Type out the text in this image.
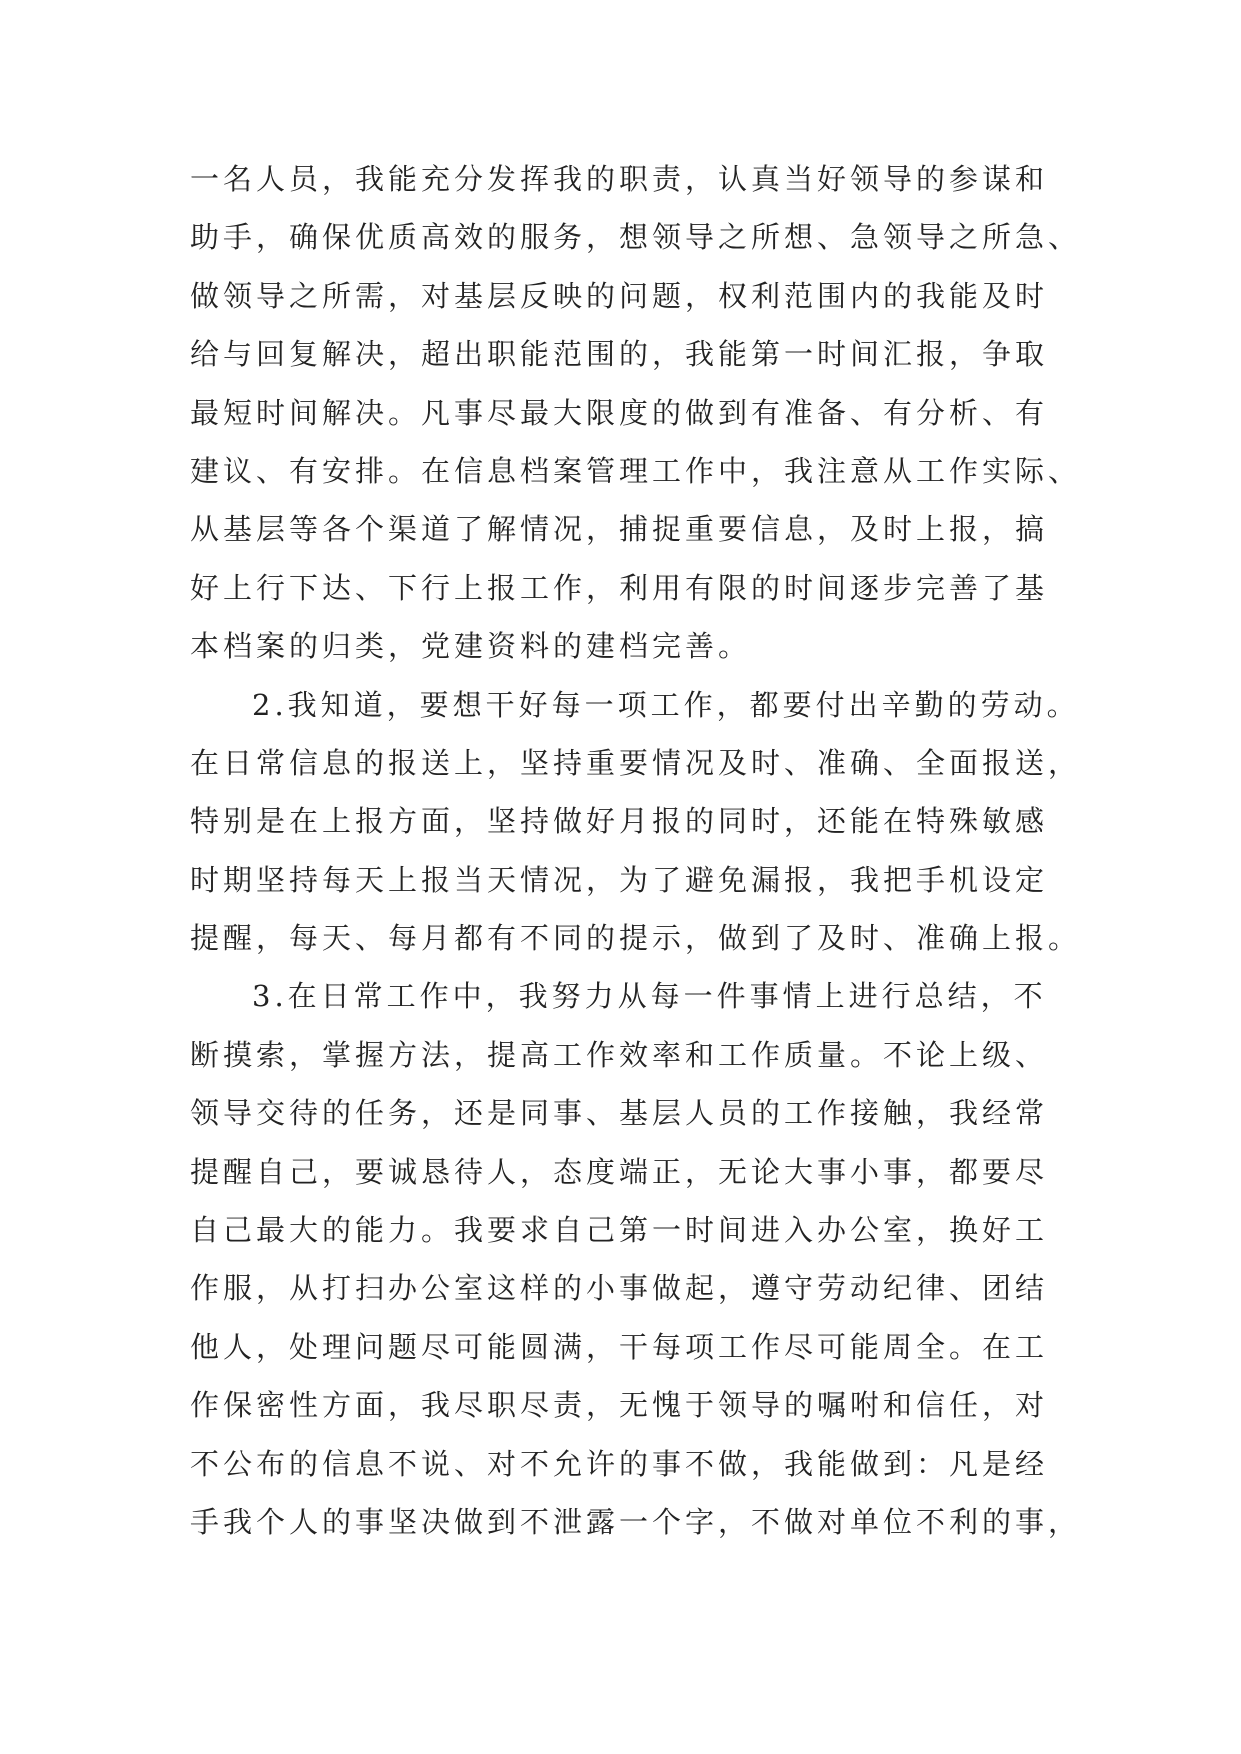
一名人员，我能充分发挥我的职责，认真当好领导的参谋和
助手，确保优质高效的服务，想领导之所想、急领导之所急、
做领导之所需，对基层反映的问题，权利范围内的我能及时
给与回复解决，超出职能范围的，我能第一时间汇报，争取
最短时间解决。凡事尽最大限度的做到有准备、有分析、有
建议、有安排。在信息档案管理工作中，我注意从工作实际、
从基层等各个渠道了解情况，捕捉重要信息，及时上报，搞
好上行下达、下行上报工作，利用有限的时间逐步完善了基
本档案的归类，党建资料的建档完善。
2.我知道，要想干好每一项工作，都要付出辛勤的劳动。
在日常信息的报送上，坚持重要情况及时、准确、全面报送，
特别是在上报方面，坚持做好月报的同时，还能在特殊敏感
时期坚持每天上报当天情况，为了避免漏报，我把手机设定
提醒，每天、每月都有不同的提示，做到了及时、准确上报。
3.在日常工作中，我努力从每一件事情上进行总结，不
断摸索，掌握方法，提高工作效率和工作质量。不论上级、
领导交待的任务，还是同事、基层人员的工作接触，我经常
提醒自己，要诚恳待人，态度端正，无论大事小事，都要尽
自己最大的能力。我要求自己第一时间进入办公室，换好工
作服，从打扫办公室这样的小事做起，遵守劳动纪律、团结
他人，处理问题尽可能圆满，干每项工作尽可能周全。在工
作保密性方面，我尽职尽责，无愧于领导的嘱咐和信任，对
不公布的信息不说、对不允许的事不做，我能做到：凡是经
手我个人的事坚决做到不泄露一个字，不做对单位不利的事，
